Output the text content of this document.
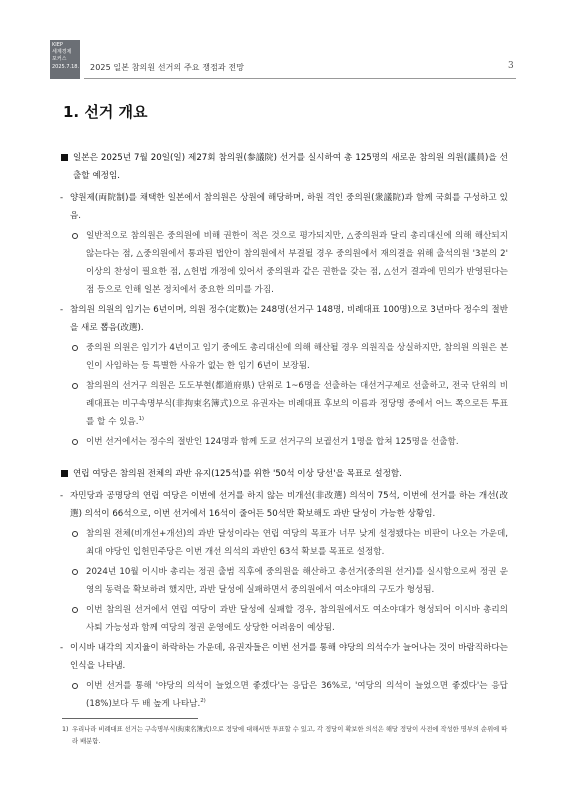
KIEP
세계경제
포커스
2025.7.18. 2025 일본 참의원 선거의 주요 쟁점과 전망	3
1. 선거 개요
일본은 2025년 7월 20일(일) 제27회 참의원(参議院) 선거를 실시하여 총 125명의 새로운 참의원 의원(議員)을 선출할 예정임.
- 양원제(両院制)를 채택한 일본에서 참의원은 상원에 해당하며, 하원 격인 중의원(衆議院)과 함께 국회를 구성하고 있음.
일반적으로 참의원은 중의원에 비해 권한이 적은 것으로 평가되지만, △중의원과 달리 총리대신에 의해 해산되지 않는다는 점, △중의원에서 통과된 법안이 참의원에서 부결될 경우 중의원에서 재의결을 위해 출석의원 '3분의 2' 이상의 찬성이 필요한 점, △헌법 개정에 있어서 중의원과 같은 권한을 갖는 점, △선거 결과에 민의가 반영된다는 점 등으로 인해 일본 정치에서 중요한 의미를 가짐.
- 참의원 의원의 임기는 6년이며, 의원 정수(定数)는 248명(선거구 148명, 비례대표 100명)으로 3년마다 정수의 절반을 새로 뽑음(改選).
중의원 의원은 임기가 4년이고 임기 중에도 총리대신에 의해 해산될 경우 의원직을 상실하지만, 참의원 의원은 본인이 사임하는 등 특별한 사유가 없는 한 임기 6년이 보장됨.
참의원의 선거구 의원은 도도부현(都道府県) 단위로 1~6명을 선출하는 대선거구제로 선출하고, 전국 단위의 비례대표는 비구속명부식(非拘束名簿式)으로 유권자는 비례대표 후보의 이름과 정당명 중에서 어느 쪽으로든 투표를 할 수 있음.$^{1)}$
이번 선거에서는 정수의 절반인 124명과 함께 도쿄 선거구의 보궐선거 1명을 합쳐 125명을 선출함.
연립 여당은 참의원 전체의 과반 유지(125석)를 위한 '50석 이상 당선'을 목표로 설정함.
- 자민당과 공명당의 연립 여당은 이번에 선거를 하지 않는 비개선(非改選) 의석이 75석, 이번에 선거를 하는 개선(改選) 의석이 66석으로, 이번 선거에서 16석이 줄어든 50석만 확보해도 과반 달성이 가능한 상황임.
참의원 전체(비개선+개선)의 과반 달성이라는 연립 여당의 목표가 너무 낮게 설정됐다는 비판이 나오는 가운데, 최대 야당인 입헌민주당은 이번 개선 의석의 과반인 63석 확보를 목표로 설정함.
2024년 10월 이시바 총리는 정권 출범 직후에 중의원을 해산하고 총선거(중의원 선거)를 실시함으로써 정권 운영의 동력을 확보하려 했지만, 과반 달성에 실패하면서 중의원에서 여소야대의 구도가 형성됨.
이번 참의원 선거에서 연립 여당이 과반 달성에 실패할 경우, 참의원에서도 여소야대가 형성되어 이시바 총리의 사퇴 가능성과 함께 여당의 정권 운영에도 상당한 어려움이 예상됨.
- 이시바 내각의 지지율이 하락하는 가운데, 유권자들은 이번 선거를 통해 야당의 의석수가 늘어나는 것이 바람직하다는 인식을 나타냄.
이번 선거를 통해 '야당의 의석이 늘었으면 좋겠다'는 응답은 36%로, '여당의 의석이 늘었으면 좋겠다'는 응답(18%)보다 두 배 높게 나타남.$^{2)}$
1) 우리나라 비례대표 선거는 구속명부식(拘束名簿式)으로 정당에 대해서만 투표할 수 있고, 각 정당이 확보한 의석은 해당 정당이 사전에 작성한 명부의 순위에 따라 배분함.
